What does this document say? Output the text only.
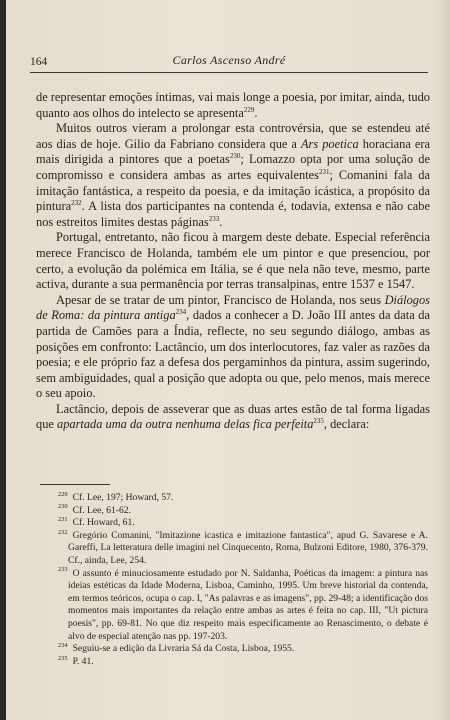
164	Carlos Ascenso André

de representar emoções íntimas, vai mais longe a poesia, por imitar, ainda, tudo quanto aos olhos do intelecto se apresenta$^{229}$.

Muitos outros vieram a prolongar esta controvérsia, que se estendeu até aos dias de hoje. Gilio da Fabriano considera que a Ars poetica horaciana era mais dirigida a pintores que a poetas$^{230}$; Lomazzo opta por uma solução de compromisso e considera ambas as artes equivalentes$^{231}$; Comanini fala da imitação fantástica, a respeito da poesia, e da imitação icástica, a propósito da pintura$^{232}$. A lista dos participantes na contenda é, todavia, extensa e não cabe nos estreitos limites destas páginas$^{233}$.

Portugal, entretanto, não ficou à margem deste debate. Especial referência merece Francisco de Holanda, também ele um pintor e que presenciou, por certo, a evolução da polémica em Itália, se é que nela não teve, mesmo, parte activa, durante a sua permanência por terras transalpinas, entre 1537 e 1547.

Apesar de se tratar de um pintor, Francisco de Holanda, nos seus Diálogos de Roma: da pintura antiga$^{234}$, dados a conhecer a D. João III antes da data da partida de Camões para a Índia, reflecte, no seu segundo diálogo, ambas as posições em confronto: Lactâncio, um dos interlocutores, faz valer as razões da poesia; e ele próprio faz a defesa dos pergaminhos da pintura, assim sugerindo, sem ambiguidades, qual a posição que adopta ou que, pelo menos, mais merece o seu apoio.

Lactâncio, depois de asseverar que as duas artes estão de tal forma ligadas que apartada uma da outra nenhuma delas fica perfeita$^{235}$, declara:

$^{229}$ Cf. Lee, 197; Howard, 57.

$^{230}$ Cf. Lee, 61-62.

$^{231}$ Cf. Howard, 61.

$^{232}$ Gregório Comanini, "Imitazione icastica e imitazione fantastica", apud G. Savarese e A. Gareffi, La letteratura delle imagini nel Cinquecento, Roma, Bulzoni Editore, 1980, 376-379. Cf., ainda, Lee, 254.

$^{233}$ O assunto é minuciosamente estudado por N. Saldanha, Poéticas da imagem: a pintura nas ideias estéticas da Idade Moderna, Lisboa, Caminho, 1995. Um breve historial da contenda, em termos teóricos, ocupa o cap. I, "As palavras e as imagens", pp. 29-48; a identificação dos momentos mais importantes da relação entre ambas as artes é feita no cap. III, "Ut pictura poesis", pp. 69-81. No que diz respeito mais especificamente ao Renascimento, o debate é alvo de especial atenção nas pp. 197-203.

$^{234}$ Seguiu-se a edição da Livraria Sá da Costa, Lisboa, 1955.

$^{235}$ P. 41.
